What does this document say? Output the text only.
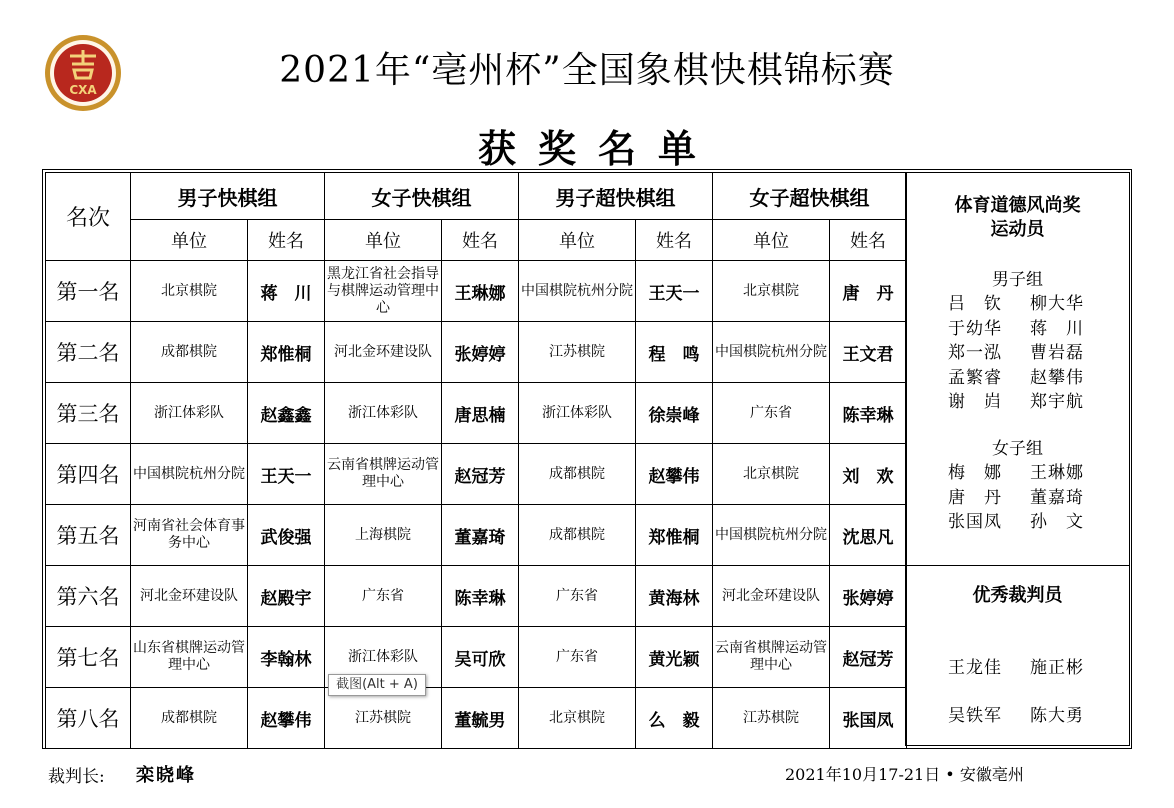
CXA	2021年“亳州杯”全国象棋快棋锦标赛
获奖名单
名次	男子快棋组		女子快棋组		男子超快棋组		女子超快棋组	
	单位	姓名	单位	姓名	单位	姓名	单位	姓名
第一名	北京棋院	蒋　川	黑龙江省社会指导与棋牌运动管理中心	王琳娜	中国棋院杭州分院	王天一	北京棋院	唐　丹
第二名	成都棋院	郑惟桐	河北金环建设队	张婷婷	江苏棋院	程　鸣	中国棋院杭州分院	王文君
第三名	浙江体彩队	赵鑫鑫	浙江体彩队	唐思楠	浙江体彩队	徐崇峰	广东省	陈幸琳
第四名	中国棋院杭州分院	王天一	云南省棋牌运动管理中心	赵冠芳	成都棋院	赵攀伟	北京棋院	刘　欢
第五名	河南省社会体育事务中心	武俊强	上海棋院	董嘉琦	成都棋院	郑惟桐	中国棋院杭州分院	沈思凡
第六名	河北金环建设队	赵殿宇	广东省	陈幸琳	广东省	黄海林	河北金环建设队	张婷婷
第七名	山东省棋牌运动管理中心	李翰林	浙江体彩队	吴可欣	广东省	黄光颖	云南省棋牌运动管理中心	赵冠芳
第八名	成都棋院	赵攀伟	江苏棋院	董毓男	北京棋院	么　毅	江苏棋院	张国凤
体育道德风尚奖
运动员
男子组
吕　钦 柳大华
于幼华 蒋　川
郑一泓 曹岩磊
孟繁睿 赵攀伟
谢　岿 郑宇航
女子组
梅　娜 王琳娜
唐　丹 董嘉琦
张国凤 孙　文
优秀裁判员
王龙佳 施正彬
吴铁军 陈大勇
截图(Alt + A)
裁判长: 栾晓峰	2021年10月17-21日 • 安徽亳州
